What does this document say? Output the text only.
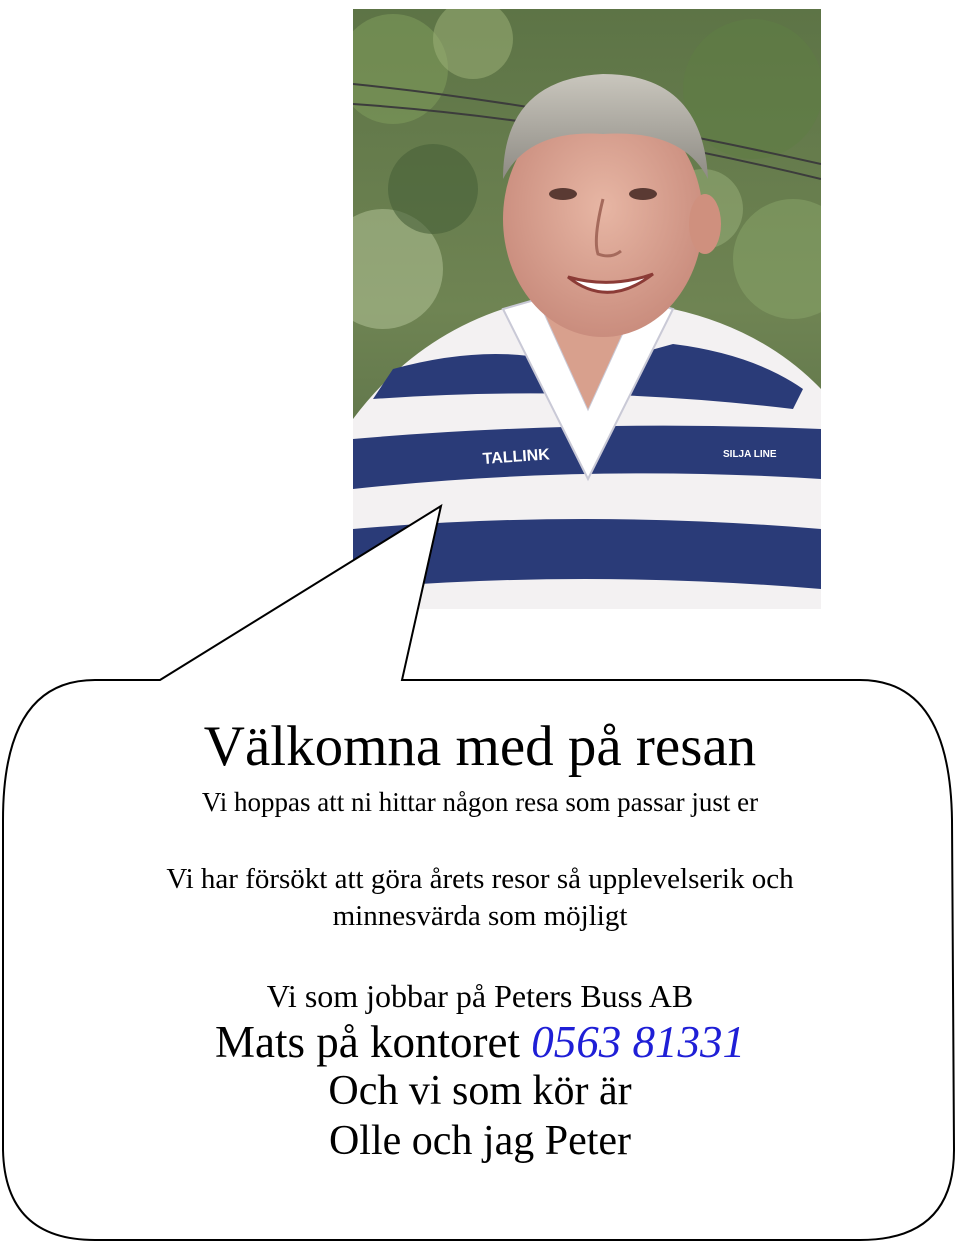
TALLINK	SILJA LINE
Välkomna med på resan
Vi hoppas att ni hittar någon resa som passar just er
Vi har försökt att göra årets resor så upplevelserik och
minnesvärda som möjligt
Vi som jobbar på Peters Buss AB
Mats på kontoret 0563 81331
Och vi som kör är
Olle och jag Peter
